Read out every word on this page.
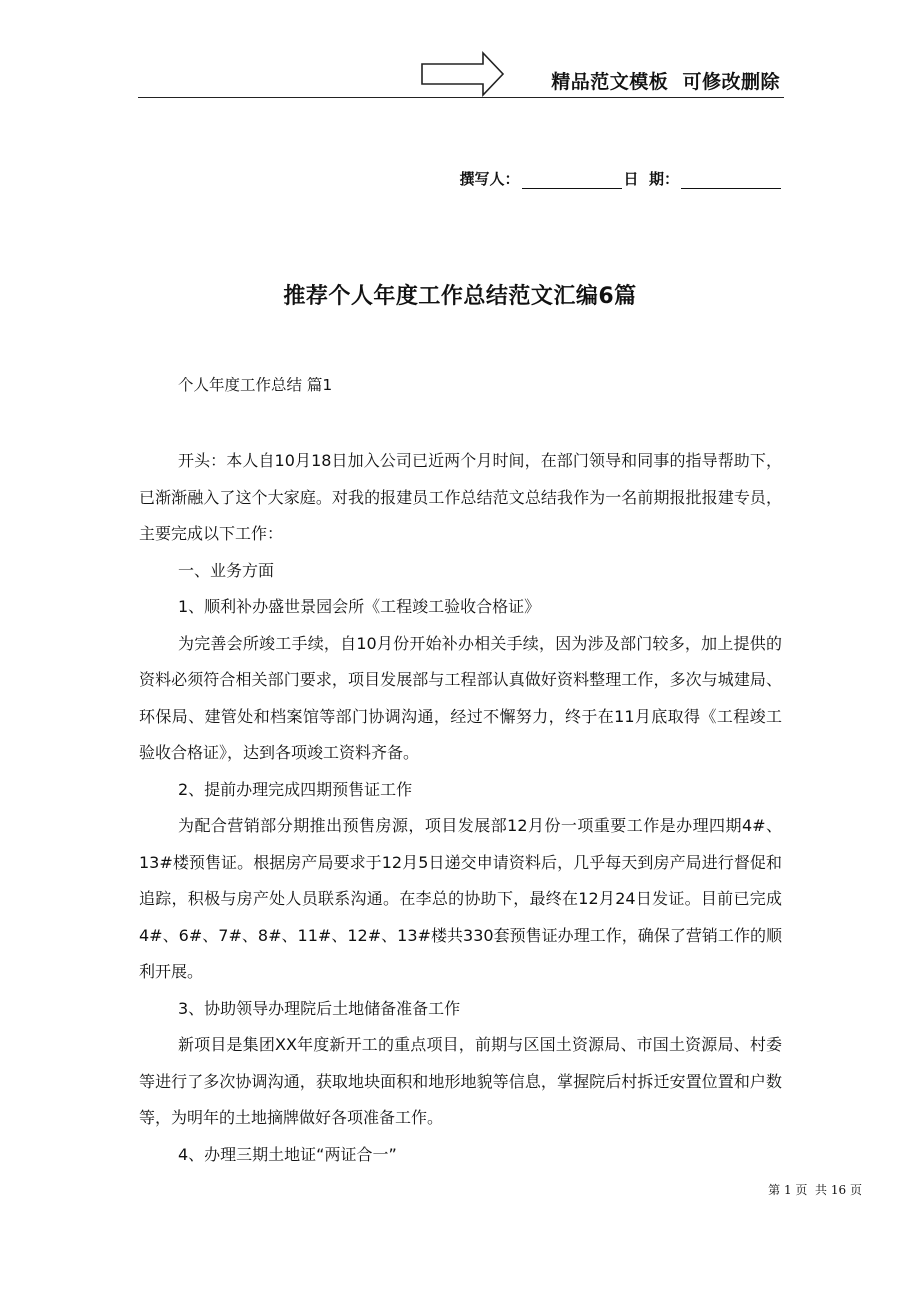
精品范文模板  可修改删除
撰写人：	日  期：
推荐个人年度工作总结范文汇编6篇
个人年度工作总结 篇1

开头：本人自10月18日加入公司已近两个月时间，在部门领导和同事的指导帮助下，已渐渐融入了这个大家庭。对我的报建员工作总结范文总结我作为一名前期报批报建专员，主要完成以下工作：

一、业务方面

1、顺利补办盛世景园会所《工程竣工验收合格证》

为完善会所竣工手续，自10月份开始补办相关手续，因为涉及部门较多，加上提供的资料必须符合相关部门要求，项目发展部与工程部认真做好资料整理工作，多次与城建局、环保局、建管处和档案馆等部门协调沟通，经过不懈努力，终于在11月底取得《工程竣工验收合格证》，达到各项竣工资料齐备。

2、提前办理完成四期预售证工作

为配合营销部分期推出预售房源，项目发展部12月份一项重要工作是办理四期4#、13#楼预售证。根据房产局要求于12月5日递交申请资料后，几乎每天到房产局进行督促和追踪，积极与房产处人员联系沟通。在李总的协助下，最终在12月24日发证。目前已完成4#、6#、7#、8#、11#、12#、13#楼共330套预售证办理工作，确保了营销工作的顺利开展。

3、协助领导办理院后土地储备准备工作

新项目是集团XX年度新开工的重点项目，前期与区国土资源局、市国土资源局、村委等进行了多次协调沟通，获取地块面积和地形地貌等信息，掌握院后村拆迁安置位置和户数等，为明年的土地摘牌做好各项准备工作。

4、办理三期土地证“两证合一”

第 1 页  共 16 页
